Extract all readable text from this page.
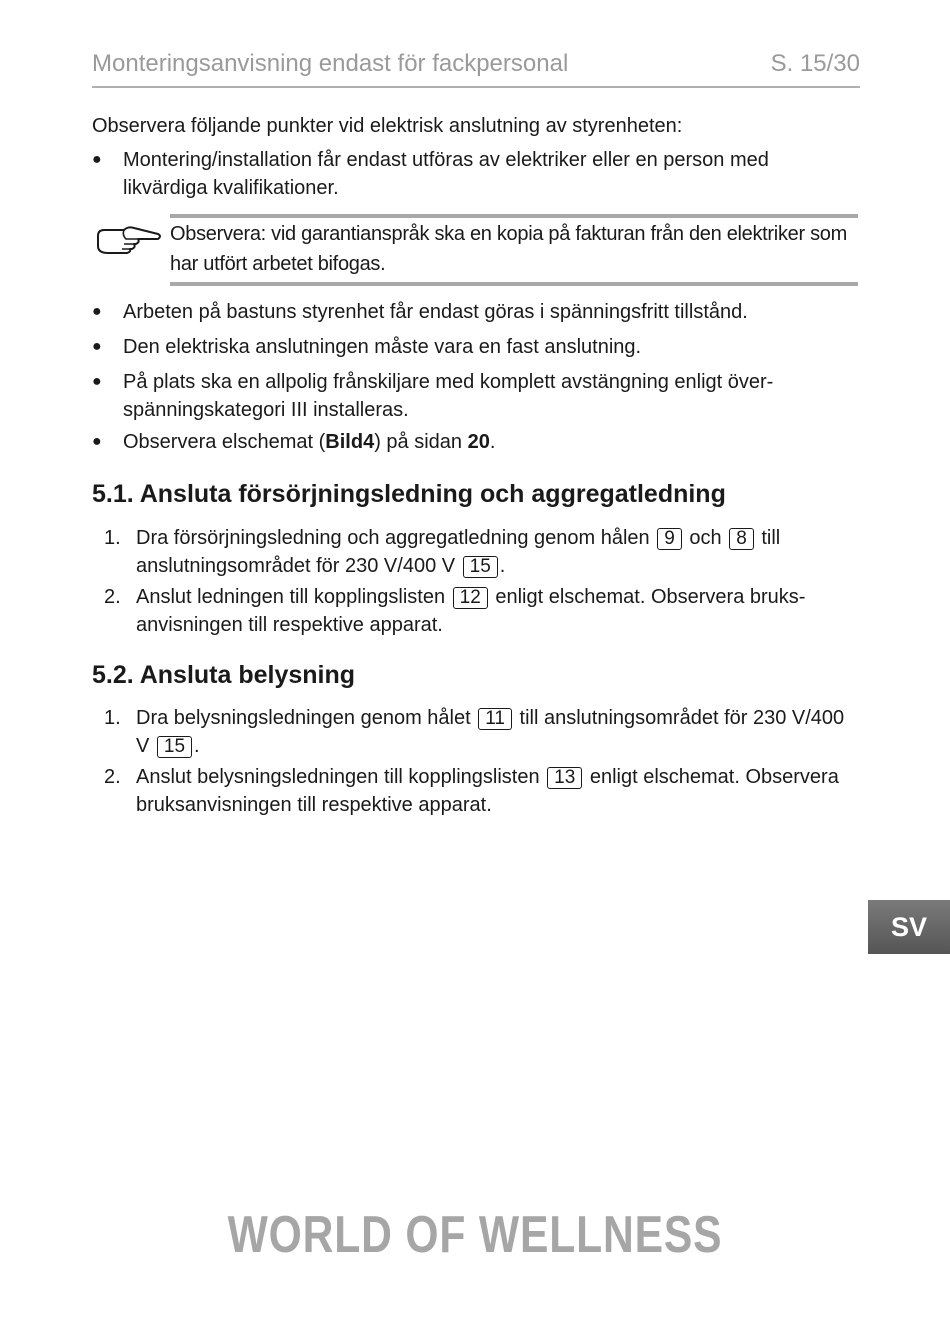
Monteringsanvisning endast för fackpersonal	S. 15/30
Observera följande punkter vid elektrisk anslutning av styrenheten:
● Montering/installation får endast utföras av elektriker eller en person med likvärdiga kvalifikationer.
Observera: vid garantianspråk ska en kopia på fakturan från den elektriker som har utfört arbetet bifogas.
● Arbeten på bastuns styrenhet får endast göras i spänningsfritt tillstånd.
● Den elektriska anslutningen måste vara en fast anslutning.
● På plats ska en allpolig frånskiljare med komplett avstängning enligt över-spänningskategori III installeras.
● Observera elschemat (Bild4) på sidan 20.
5.1. Ansluta försörjningsledning och aggregatledning
1. Dra försörjningsledning och aggregatledning genom hålen 9 och 8 till anslutningsområdet för 230 V/400 V 15 .
2. Anslut ledningen till kopplingslisten 12 enligt elschemat. Observera bruks-anvisningen till respektive apparat.
5.2. Ansluta belysning
1. Dra belysningsledningen genom hålet 11 till anslutningsområdet för 230 V/400 V 15 .
2. Anslut belysningsledningen till kopplingslisten 13 enligt elschemat. Observera bruksanvisningen till respektive apparat.
SV
WORLD OF WELLNESS
